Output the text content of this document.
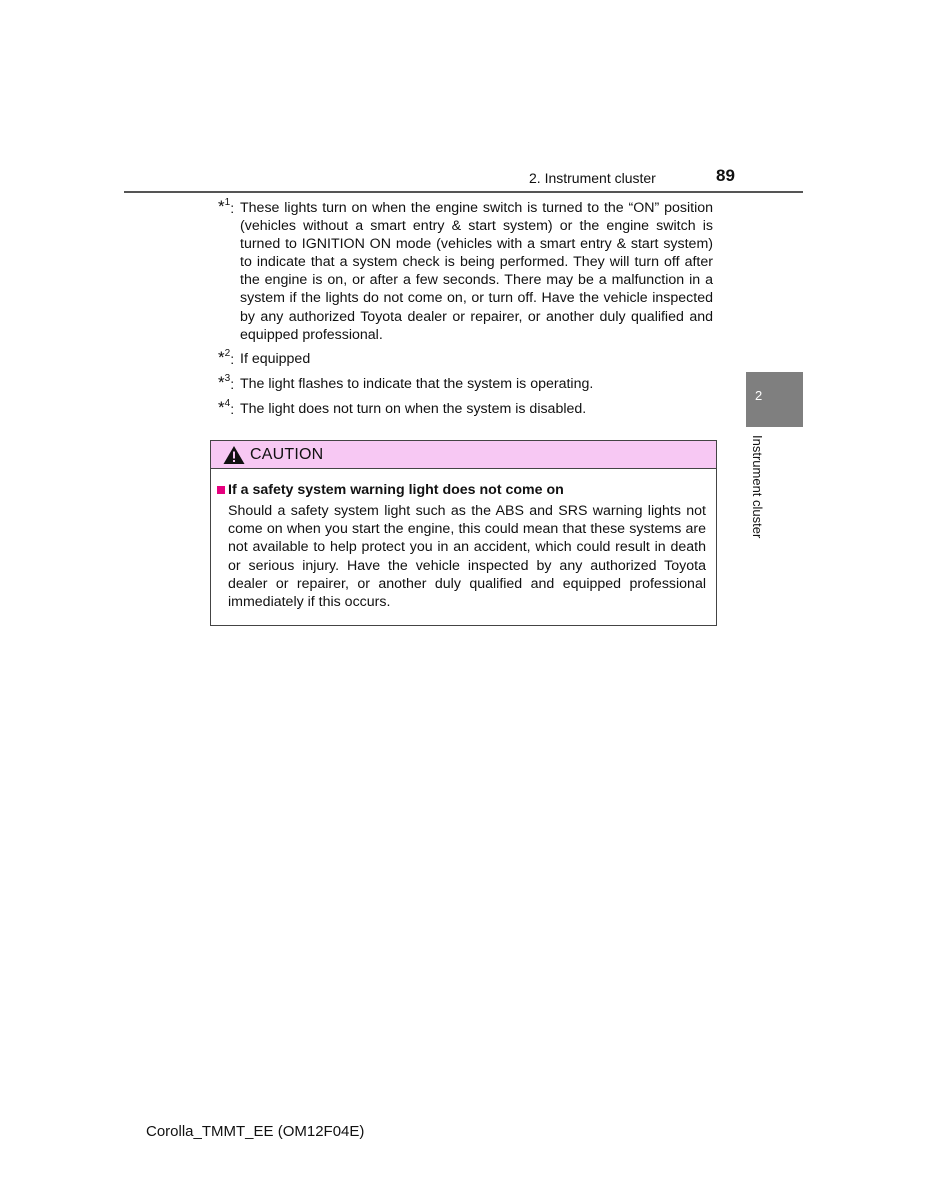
2. Instrument cluster	89
*$^1$: These lights turn on when the engine switch is turned to the “ON” position (vehicles without a smart entry & start system) or the engine switch is turned to IGNITION ON mode (vehicles with a smart entry & start system) to indicate that a system check is being performed. They will turn off after the engine is on, or after a few seconds. There may be a malfunction in a system if the lights do not come on, or turn off. Have the vehicle inspected by any authorized Toyota dealer or repairer, or another duly qualified and equipped professional.
*$^2$: If equipped
*$^3$: The light flashes to indicate that the system is operating.
*$^4$: The light does not turn on when the system is disabled.
CAUTION
If a safety system warning light does not come on
Should a safety system light such as the ABS and SRS warning lights not come on when you start the engine, this could mean that these systems are not available to help protect you in an accident, which could result in death or serious injury. Have the vehicle inspected by any authorized Toyota dealer or repairer, or another duly qualified and equipped professional immediately if this occurs.
2
Instrument cluster
Corolla_TMMT_EE (OM12F04E)
